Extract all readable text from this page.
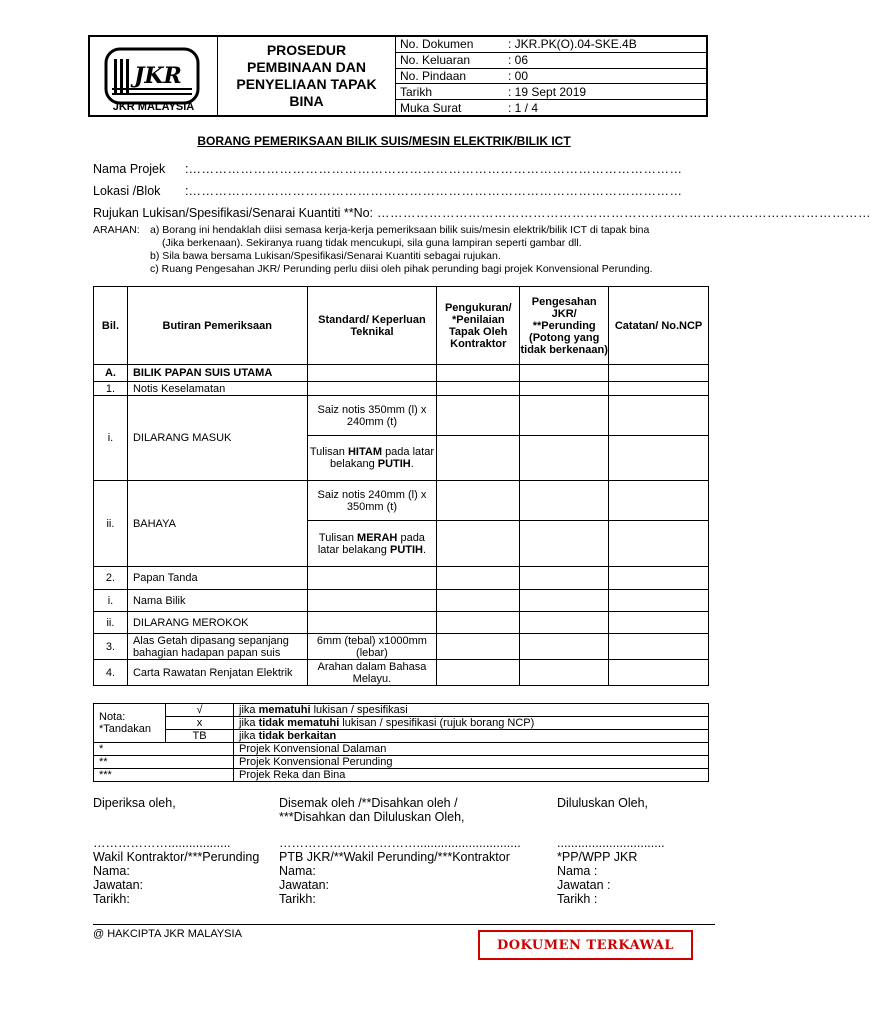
JKR
JKR MALAYSIA
PROSEDUR
PEMBINAAN DAN
PENYELIAAN TAPAK BINA
No. Dokumen	: JKR.PK(O).04-SKE.4B
No. Keluaran	: 06
No. Pindaan	: 00
Tarikh	: 19 Sept 2019
Muka Surat	: 1 / 4
BORANG PEMERIKSAAN BILIK SUIS/MESIN ELEKTRIK/BILIK ICT
Nama Projek :……………………………………………………………………………………………………
Lokasi /Blok :……………………………………………………………………………………………………
Rujukan Lukisan/Spesifikasi/Senarai Kuantiti **No: ……………………………………………………………………………………………………
ARAHAN: a) Borang ini hendaklah diisi semasa kerja-kerja pemeriksaan bilik suis/mesin elektrik/bilik ICT di tapak bina
(Jika berkenaan). Sekiranya ruang tidak mencukupi, sila guna lampiran seperti gambar dll.
b) Sila bawa bersama Lukisan/Spesifikasi/Senarai Kuantiti sebagai rujukan.
c) Ruang Pengesahan JKR/ Perunding perlu diisi oleh pihak perunding bagi projek Konvensional Perunding.
Bil.	Butiran Pemeriksaan	Standard/ Keperluan Teknikal	Pengukuran/ *Penilaian Tapak Oleh Kontraktor	Pengesahan JKR/ **Perunding (Potong yang tidak berkenaan)	Catatan/ No.NCP
A.	BILIK PAPAN SUIS UTAMA				
1.	Notis Keselamatan				
i.	DILARANG MASUK	Saiz notis 350mm (l) x 240mm (t)			
		Tulisan HITAM pada latar belakang PUTIH.			
ii.	BAHAYA	Saiz notis 240mm (l) x 350mm (t)			
		Tulisan MERAH pada latar belakang PUTIH.			
2.	Papan Tanda				
i.	Nama Bilik				
ii.	DILARANG MEROKOK				
3.	Alas Getah dipasang sepanjang bahagian hadapan papan suis	6mm (tebal) x1000mm (lebar)			
4.	Carta Rawatan Renjatan Elektrik	Arahan dalam Bahasa Melayu.			
Nota:
*Tandakan	√	jika mematuhi lukisan / spesifikasi
	x	jika tidak mematuhi lukisan / spesifikasi (rujuk borang NCP)
	TB	jika tidak berkaitan
*		Projek Konvensional Dalaman
**		Projek Konvensional Perunding
***		Projek Reka dan Bina
Diperiksa oleh,
………………..................
Wakil Kontraktor/***Perunding
Nama:
Jawatan:
Tarikh:
Disemak oleh /**Disahkan oleh /
***Disahkan dan Diluluskan Oleh,
……………………………..............................
PTB JKR/**Wakil Perunding/***Kontraktor
Nama:
Jawatan:
Tarikh:
Diluluskan Oleh,
...............................
*PP/WPP JKR
Nama :
Jawatan :
Tarikh :
@ HAKCIPTA JKR MALAYSIA
DOKUMEN TERKAWAL
